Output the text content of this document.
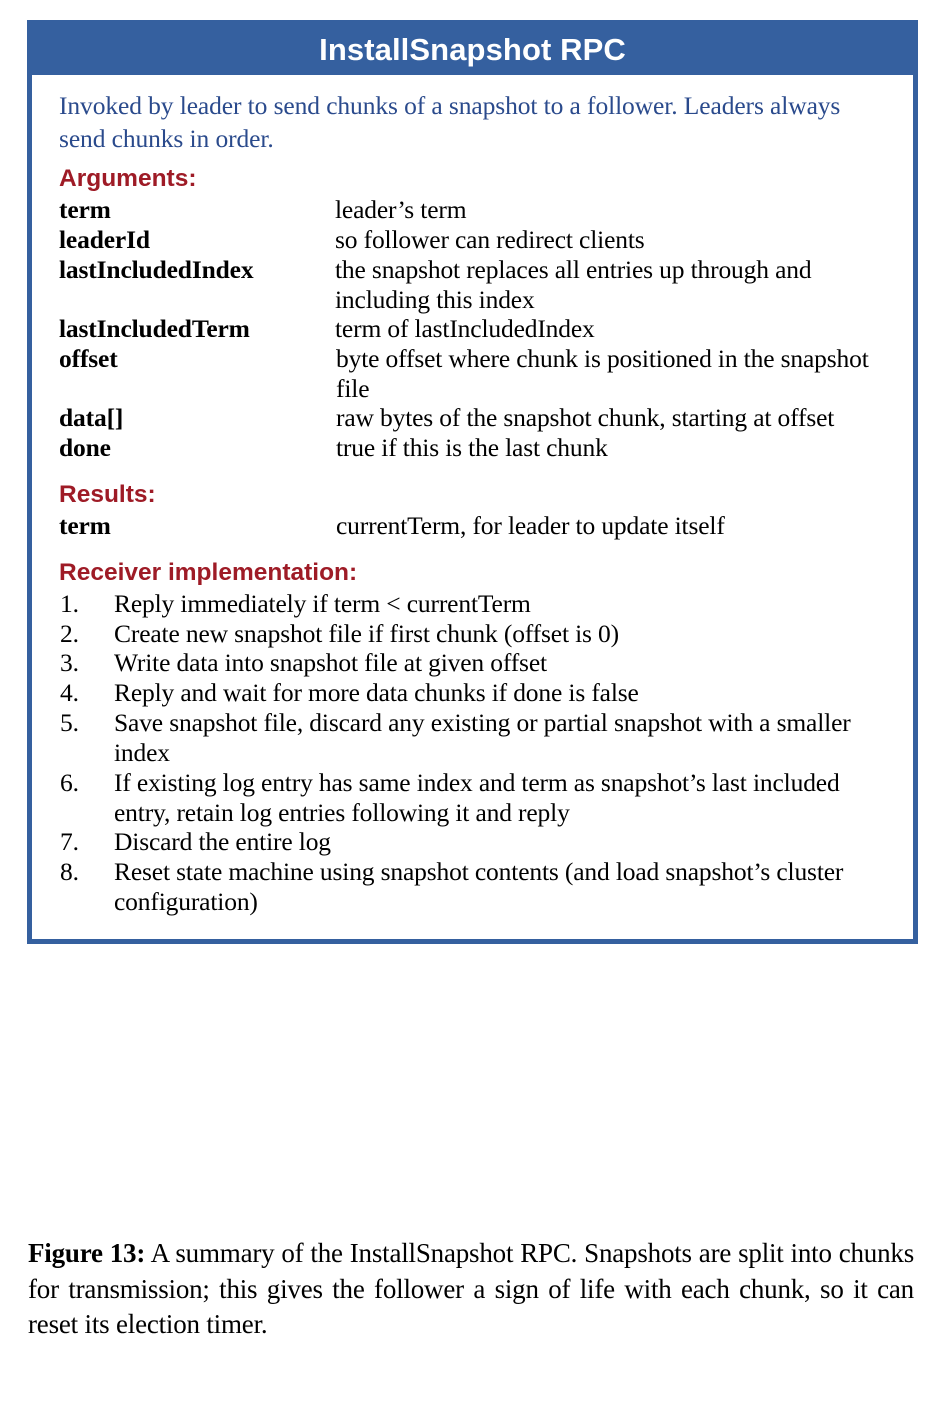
InstallSnapshot RPC

Invoked by leader to send chunks of a snapshot to a follower. Leaders always send chunks in order.

Arguments:
term	leader’s term
leaderId	so follower can redirect clients
lastIncludedIndex	the snapshot replaces all entries up through and including this index
lastIncludedTerm	term of lastIncludedIndex
offset	byte offset where chunk is positioned in the snapshot file
data[]	raw bytes of the snapshot chunk, starting at offset
done	true if this is the last chunk
Results:
term	currentTerm, for leader to update itself
Receiver implementation:
1. Reply immediately if term < currentTerm
2. Create new snapshot file if first chunk (offset is 0)
3. Write data into snapshot file at given offset
4. Reply and wait for more data chunks if done is false
5. Save snapshot file, discard any existing or partial snapshot with a smaller index
6. If existing log entry has same index and term as snapshot’s last included entry, retain log entries following it and reply
7. Discard the entire log
8. Reset state machine using snapshot contents (and load snapshot’s cluster configuration)
Figure 13: A summary of the InstallSnapshot RPC. Snapshots are split into chunks for transmission; this gives the follower a sign of life with each chunk, so it can reset its election timer.
